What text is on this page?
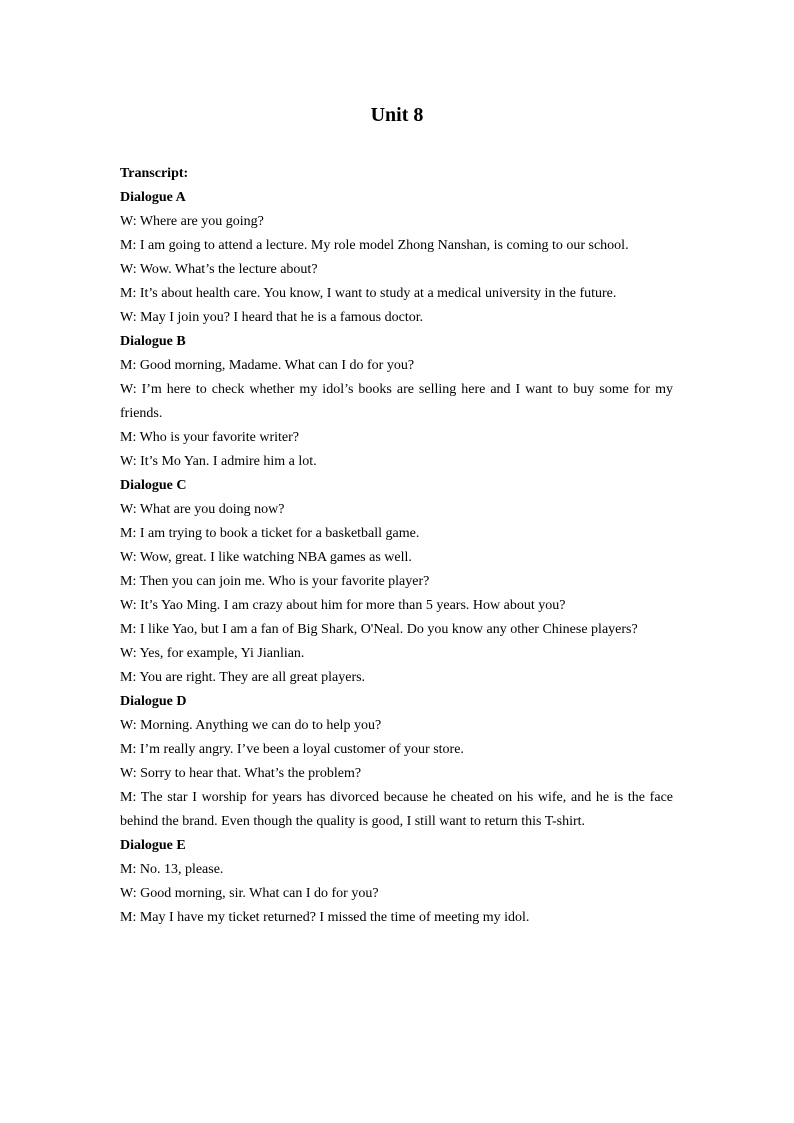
Unit 8

Transcript:

Dialogue A

W: Where are you going?

M: I am going to attend a lecture. My role model Zhong Nanshan, is coming to our school.

W: Wow. What’s the lecture about?

M: It’s about health care. You know, I want to study at a medical university in the future.

W: May I join you? I heard that he is a famous doctor.

Dialogue B

M: Good morning, Madame. What can I do for you?

W: I’m here to check whether my idol’s books are selling here and I want to buy some for my friends.

M: Who is your favorite writer?

W: It’s Mo Yan. I admire him a lot.

Dialogue C

W: What are you doing now?

M: I am trying to book a ticket for a basketball game.

W: Wow, great. I like watching NBA games as well.

M: Then you can join me. Who is your favorite player?

W: It’s Yao Ming. I am crazy about him for more than 5 years. How about you?

M: I like Yao, but I am a fan of Big Shark, O'Neal. Do you know any other Chinese players?

W: Yes, for example, Yi Jianlian.

M: You are right. They are all great players.

Dialogue D

W: Morning. Anything we can do to help you?

M: I’m really angry. I’ve been a loyal customer of your store.

W: Sorry to hear that. What’s the problem?

M: The star I worship for years has divorced because he cheated on his wife, and he is the face behind the brand. Even though the quality is good, I still want to return this T-shirt.

Dialogue E

M: No. 13, please.

W: Good morning, sir. What can I do for you?

M: May I have my ticket returned? I missed the time of meeting my idol.
